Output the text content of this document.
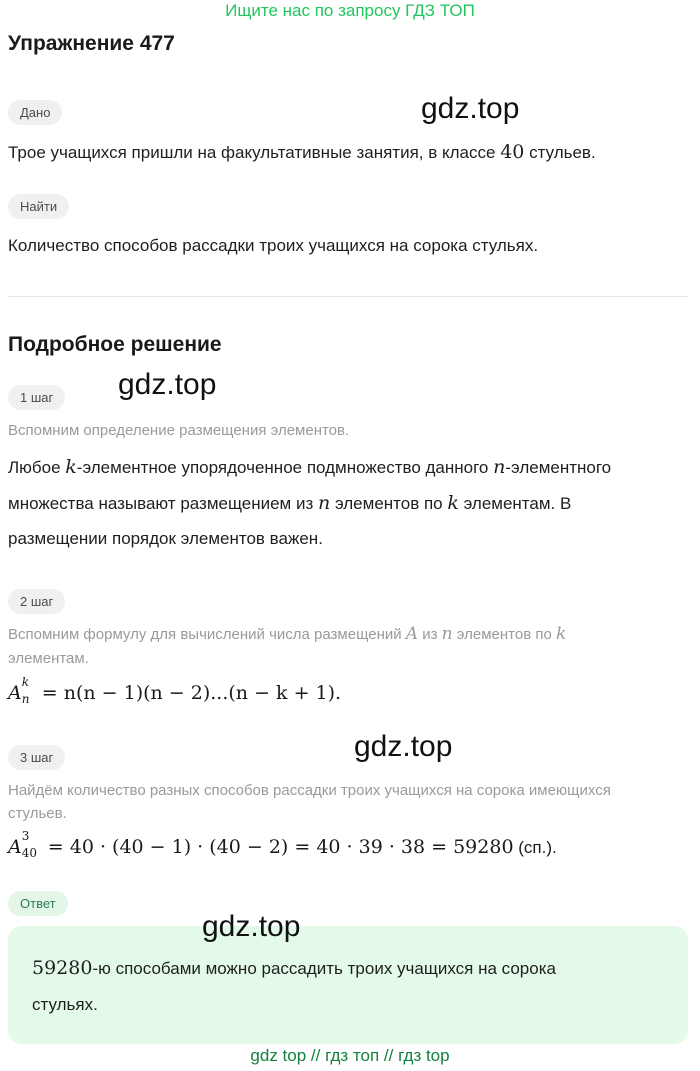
Ищите нас по запросу ГДЗ ТОП
Упражнение 477
Дано	gdz.top
Трое учащихся пришли на факультативные занятия, в классе 40 стульев.
Найти
Количество способов рассадки троих учащихся на сорока стульях.
Подробное решение
1 шаг	gdz.top
Вспомним определение размещения элементов.
Любое k-элементное упорядоченное подмножество данного n-элементного
множества называют размещением из n элементов по k элементам. В
размещении порядок элементов важен.
2 шаг
Вспомним формулу для вычислений числа размещений A из n элементов по k
элементам.
A k
n = n(n − 1)(n − 2)...(n − k + 1).
3 шаг	gdz.top
Найдём количество разных способов рассадки троих учащихся на сорока имеющихся
стульев.
A 3
40 = 40 · (40 − 1) · (40 − 2) = 40 · 39 · 38 = 59280 (сп.).
Ответ
gdz.top
59280-ю способами можно рассадить троих учащихся на сорока
стульях.
gdz top // гдз топ // гдз top
